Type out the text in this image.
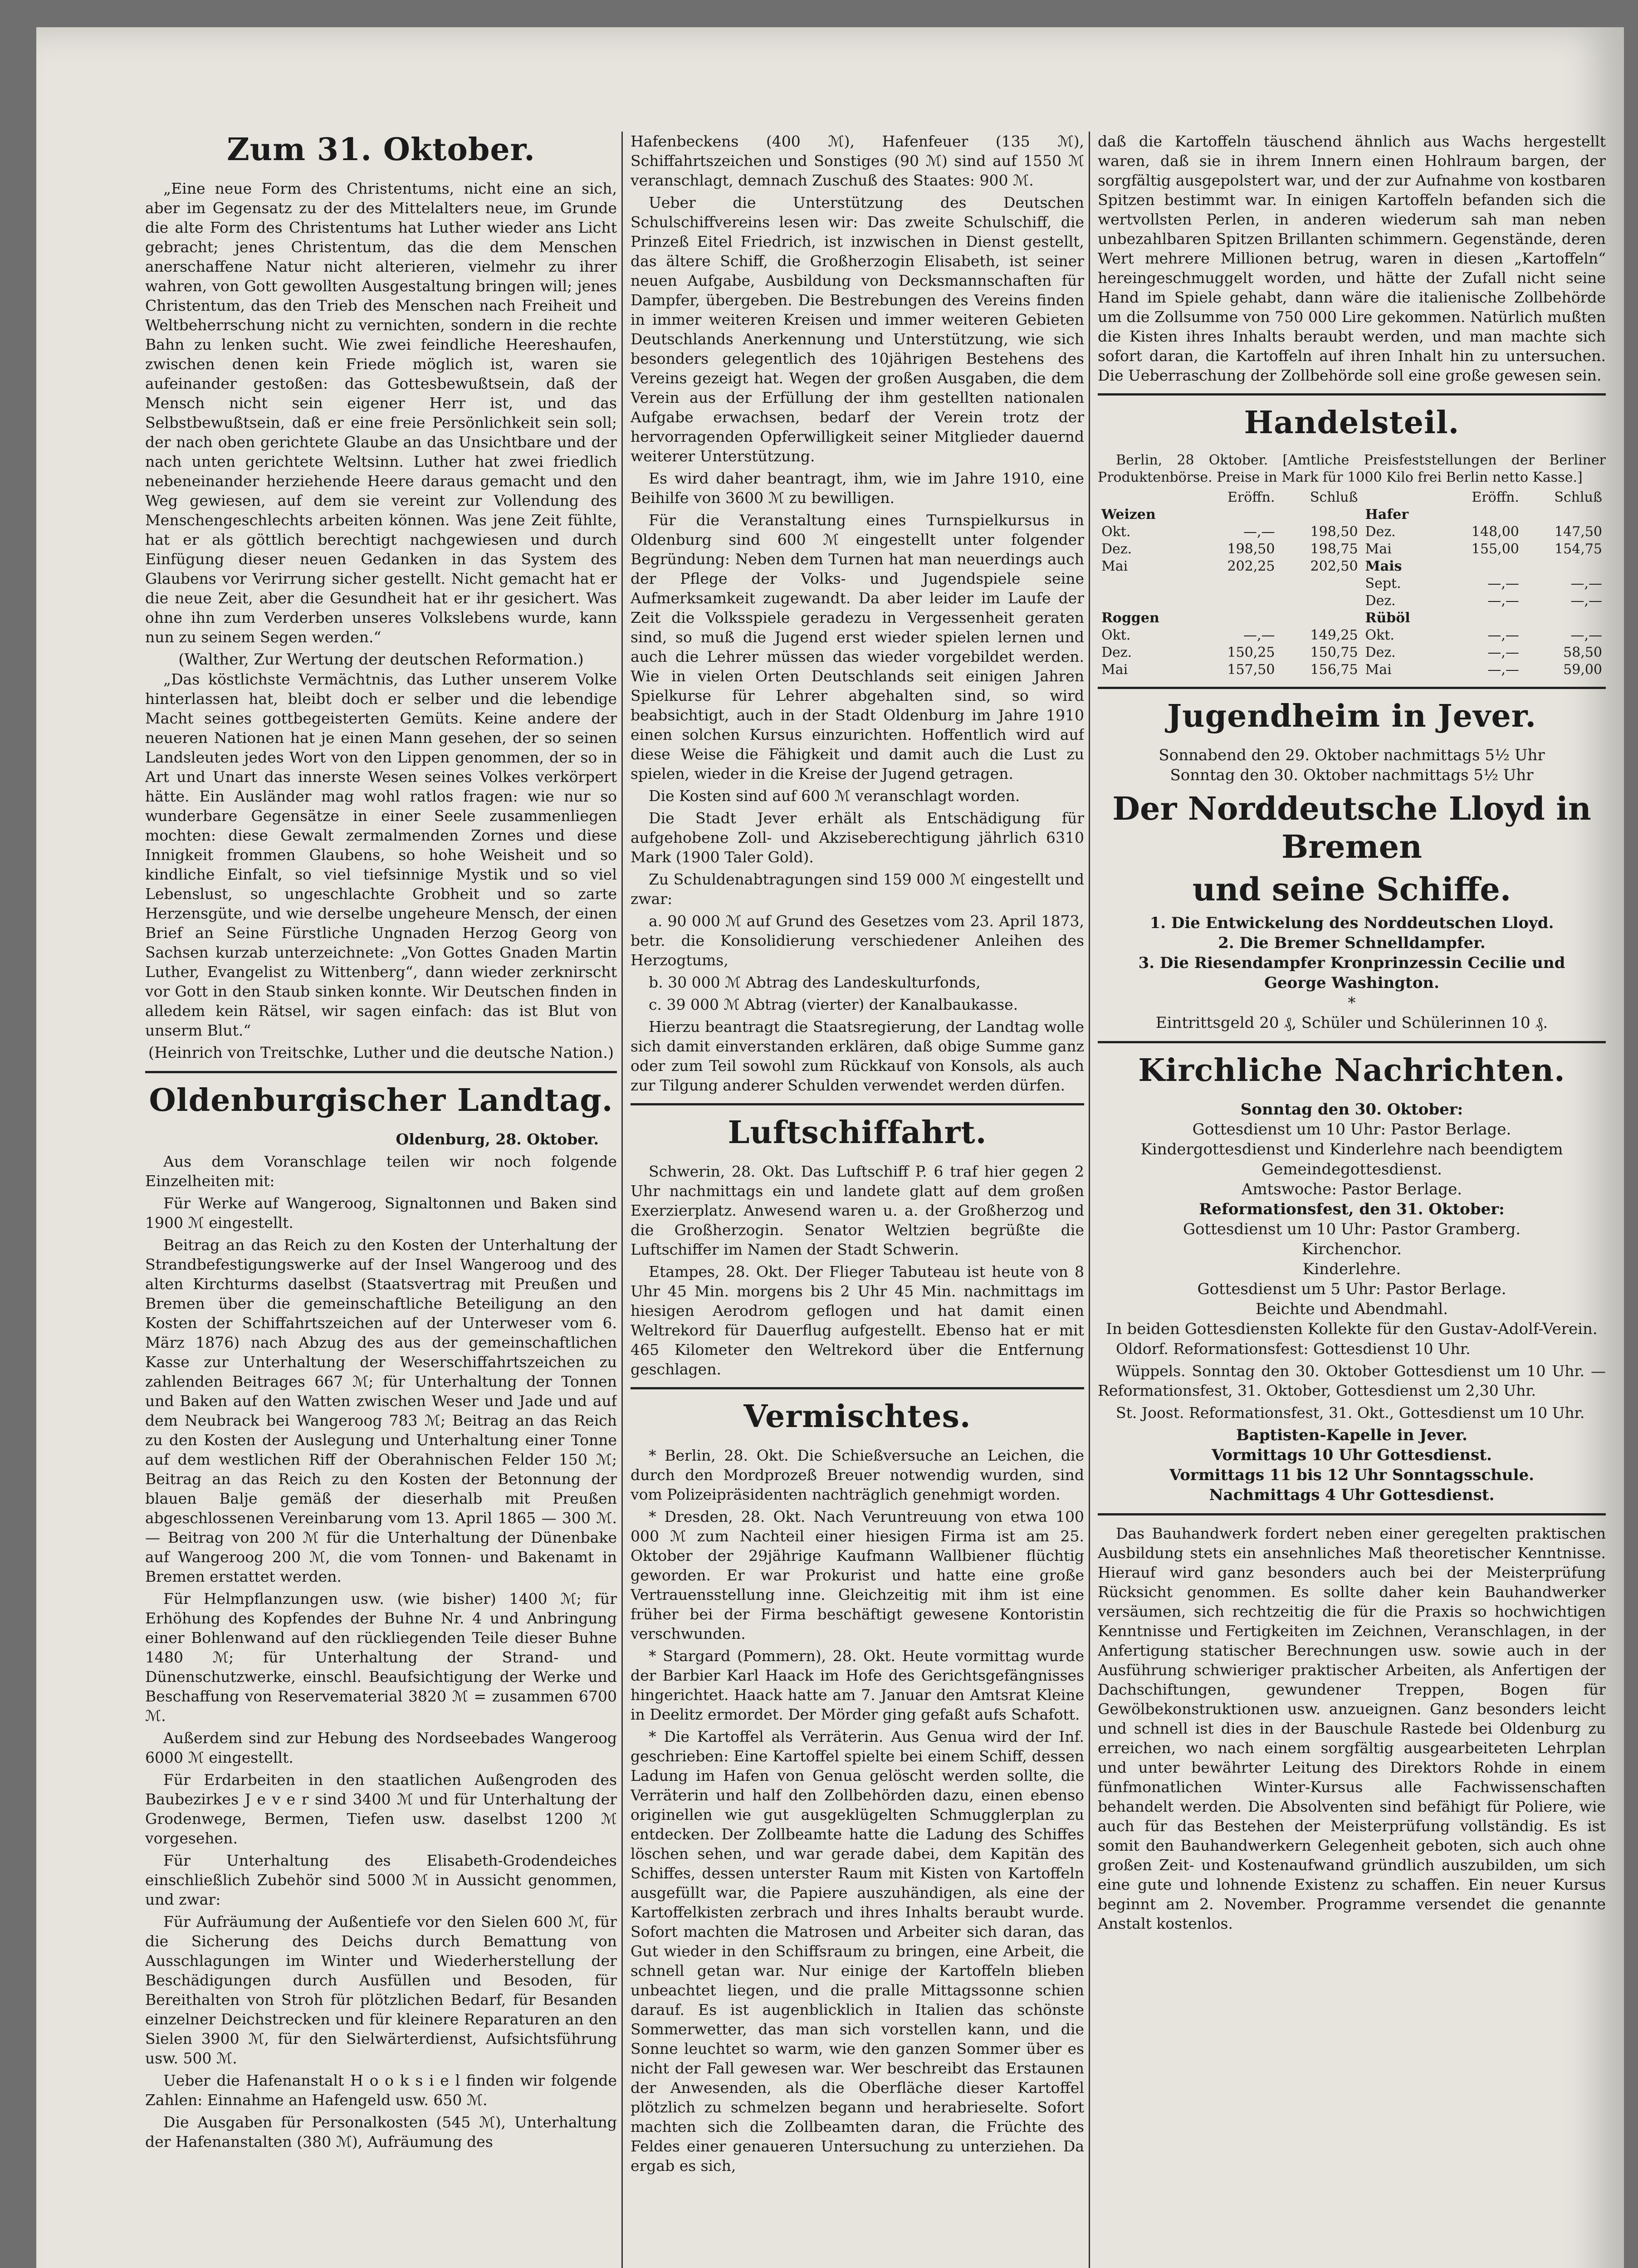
Zum 31. Oktober.

„Eine neue Form des Christentums, nicht eine an sich, aber im Gegensatz zu der des Mittelalters neue, im Grunde die alte Form des Christentums hat Luther wieder ans Licht gebracht; jenes Christentum, das die dem Menschen anerschaffene Natur nicht alterieren, vielmehr zu ihrer wahren, von Gott gewollten Ausgestaltung bringen will; jenes Christentum, das den Trieb des Menschen nach Freiheit und Weltbeherrschung nicht zu vernichten, sondern in die rechte Bahn zu lenken sucht. Wie zwei feindliche Heereshaufen, zwischen denen kein Friede möglich ist, waren sie aufeinander gestoßen: das Gottesbewußtsein, daß der Mensch nicht sein eigener Herr ist, und das Selbstbewußtsein, daß er eine freie Persönlichkeit sein soll; der nach oben gerichtete Glaube an das Unsichtbare und der nach unten gerichtete Weltsinn. Luther hat zwei friedlich nebeneinander herziehende Heere daraus gemacht und den Weg gewiesen, auf dem sie vereint zur Vollendung des Menschengeschlechts arbeiten können. Was jene Zeit fühlte, hat er als göttlich berechtigt nachgewiesen und durch Einfügung dieser neuen Gedanken in das System des Glaubens vor Verirrung sicher gestellt. Nicht gemacht hat er die neue Zeit, aber die Gesundheit hat er ihr gesichert. Was ohne ihn zum Verderben unseres Volkslebens wurde, kann nun zu seinem Segen werden.“

(Walther, Zur Wertung der deutschen Reformation.)

„Das köstlichste Vermächtnis, das Luther unserem Volke hinterlassen hat, bleibt doch er selber und die lebendige Macht seines gottbegeisterten Gemüts. Keine andere der neueren Nationen hat je einen Mann gesehen, der so seinen Landsleuten jedes Wort von den Lippen genommen, der so in Art und Unart das innerste Wesen seines Volkes verkörpert hätte. Ein Ausländer mag wohl ratlos fragen: wie nur so wunderbare Gegensätze in einer Seele zusammenliegen mochten: diese Gewalt zermalmenden Zornes und diese Innigkeit frommen Glaubens, so hohe Weisheit und so kindliche Einfalt, so viel tiefsinnige Mystik und so viel Lebenslust, so ungeschlachte Grobheit und so zarte Herzensgüte, und wie derselbe ungeheure Mensch, der einen Brief an Seine Fürstliche Ungnaden Herzog Georg von Sachsen kurzab unterzeichnete: „Von Gottes Gnaden Martin Luther, Evangelist zu Wittenberg“, dann wieder zerknirscht vor Gott in den Staub sinken konnte. Wir Deutschen finden in alledem kein Rätsel, wir sagen einfach: das ist Blut von unserm Blut.“

(Heinrich von Treitschke, Luther und die deutsche Nation.)

Oldenburgischer Landtag.

Oldenburg, 28. Oktober.

Aus dem Voranschlage teilen wir noch folgende Einzelheiten mit:

Für Werke auf Wangeroog, Signaltonnen und Baken sind 1900 ℳ eingestellt.

Beitrag an das Reich zu den Kosten der Unterhaltung der Strandbefestigungswerke auf der Insel Wangeroog und des alten Kirchturms daselbst (Staatsvertrag mit Preußen und Bremen über die gemeinschaftliche Beteiligung an den Kosten der Schiffahrtszeichen auf der Unterweser vom 6. März 1876) nach Abzug des aus der gemeinschaftlichen Kasse zur Unterhaltung der Weserschiffahrtszeichen zu zahlenden Beitrages 667 ℳ; für Unterhaltung der Tonnen und Baken auf den Watten zwischen Weser und Jade und auf dem Neubrack bei Wangeroog 783 ℳ; Beitrag an das Reich zu den Kosten der Auslegung und Unterhaltung einer Tonne auf dem westlichen Riff der Oberahnischen Felder 150 ℳ; Beitrag an das Reich zu den Kosten der Betonnung der blauen Balje gemäß der dieserhalb mit Preußen abgeschlossenen Vereinbarung vom 13. April 1865 — 300 ℳ. — Beitrag von 200 ℳ für die Unterhaltung der Dünenbake auf Wangeroog 200 ℳ, die vom Tonnen- und Bakenamt in Bremen erstattet werden.

Für Helmpflanzungen usw. (wie bisher) 1400 ℳ; für Erhöhung des Kopfendes der Buhne Nr. 4 und Anbringung einer Bohlenwand auf den rückliegenden Teile dieser Buhne 1480 ℳ; für Unterhaltung der Strand- und Dünenschutzwerke, einschl. Beaufsichtigung der Werke und Beschaffung von Reservematerial 3820 ℳ = zusammen 6700 ℳ.

Außerdem sind zur Hebung des Nordseebades Wangeroog 6000 ℳ eingestellt.

Für Erdarbeiten in den staatlichen Außengroden des Baubezirkes J e v e r sind 3400 ℳ und für Unterhaltung der Grodenwege, Bermen, Tiefen usw. daselbst 1200 ℳ vorgesehen.

Für Unterhaltung des Elisabeth-Grodendeiches einschließlich Zubehör sind 5000 ℳ in Aussicht genommen, und zwar:

Für Aufräumung der Außentiefe vor den Sielen 600 ℳ, für die Sicherung des Deichs durch Bemattung von Ausschlagungen im Winter und Wiederherstellung der Beschädigungen durch Ausfüllen und Besoden, für Bereithalten von Stroh für plötzlichen Bedarf, für Besanden einzelner Deichstrecken und für kleinere Reparaturen an den Sielen 3900 ℳ, für den Sielwärterdienst, Aufsichtsführung usw. 500 ℳ.

Ueber die Hafenanstalt H o o k s i e l finden wir folgende Zahlen: Einnahme an Hafengeld usw. 650 ℳ.

Die Ausgaben für Personalkosten (545 ℳ), Unterhaltung der Hafenanstalten (380 ℳ), Aufräumung des

Hafenbeckens (400 ℳ), Hafenfeuer (135 ℳ), Schiffahrtszeichen und Sonstiges (90 ℳ) sind auf 1550 ℳ veranschlagt, demnach Zuschuß des Staates: 900 ℳ.

Ueber die Unterstützung des Deutschen Schulschiffvereins lesen wir: Das zweite Schulschiff, die Prinzeß Eitel Friedrich, ist inzwischen in Dienst gestellt, das ältere Schiff, die Großherzogin Elisabeth, ist seiner neuen Aufgabe, Ausbildung von Decksmannschaften für Dampfer, übergeben. Die Bestrebungen des Vereins finden in immer weiteren Kreisen und immer weiteren Gebieten Deutschlands Anerkennung und Unterstützung, wie sich besonders gelegentlich des 10jährigen Bestehens des Vereins gezeigt hat. Wegen der großen Ausgaben, die dem Verein aus der Erfüllung der ihm gestellten nationalen Aufgabe erwachsen, bedarf der Verein trotz der hervorragenden Opferwilligkeit seiner Mitglieder dauernd weiterer Unterstützung.

Es wird daher beantragt, ihm, wie im Jahre 1910, eine Beihilfe von 3600 ℳ zu bewilligen.

Für die Veranstaltung eines Turnspielkursus in Oldenburg sind 600 ℳ eingestellt unter folgender Begründung: Neben dem Turnen hat man neuerdings auch der Pflege der Volks- und Jugendspiele seine Aufmerksamkeit zugewandt. Da aber leider im Laufe der Zeit die Volksspiele geradezu in Vergessenheit geraten sind, so muß die Jugend erst wieder spielen lernen und auch die Lehrer müssen das wieder vorgebildet werden. Wie in vielen Orten Deutschlands seit einigen Jahren Spielkurse für Lehrer abgehalten sind, so wird beabsichtigt, auch in der Stadt Oldenburg im Jahre 1910 einen solchen Kursus einzurichten. Hoffentlich wird auf diese Weise die Fähigkeit und damit auch die Lust zu spielen, wieder in die Kreise der Jugend getragen.

Die Kosten sind auf 600 ℳ veranschlagt worden.

Die Stadt Jever erhält als Entschädigung für aufgehobene Zoll- und Akziseberechtigung jährlich 6310 Mark (1900 Taler Gold).

Zu Schuldenabtragungen sind 159 000 ℳ eingestellt und zwar:

a. 90 000 ℳ auf Grund des Gesetzes vom 23. April 1873, betr. die Konsolidierung verschiedener Anleihen des Herzogtums,

b. 30 000 ℳ Abtrag des Landeskulturfonds,

c. 39 000 ℳ Abtrag (vierter) der Kanalbaukasse.

Hierzu beantragt die Staatsregierung, der Landtag wolle sich damit einverstanden erklären, daß obige Summe ganz oder zum Teil sowohl zum Rückkauf von Konsols, als auch zur Tilgung anderer Schulden verwendet werden dürfen.

Luftschiffahrt.

Schwerin, 28. Okt. Das Luftschiff P. 6 traf hier gegen 2 Uhr nachmittags ein und landete glatt auf dem großen Exerzierplatz. Anwesend waren u. a. der Großherzog und die Großherzogin. Senator Weltzien begrüßte die Luftschiffer im Namen der Stadt Schwerin.

Etampes, 28. Okt. Der Flieger Tabuteau ist heute von 8 Uhr 45 Min. morgens bis 2 Uhr 45 Min. nachmittags im hiesigen Aerodrom geflogen und hat damit einen Weltrekord für Dauerflug aufgestellt. Ebenso hat er mit 465 Kilometer den Weltrekord über die Entfernung geschlagen.

Vermischtes.

* Berlin, 28. Okt. Die Schießversuche an Leichen, die durch den Mordprozeß Breuer notwendig wurden, sind vom Polizeipräsidenten nachträglich genehmigt worden.

* Dresden, 28. Okt. Nach Veruntreuung von etwa 100 000 ℳ zum Nachteil einer hiesigen Firma ist am 25. Oktober der 29jährige Kaufmann Wallbiener flüchtig geworden. Er war Prokurist und hatte eine große Vertrauensstellung inne. Gleichzeitig mit ihm ist eine früher bei der Firma beschäftigt gewesene Kontoristin verschwunden.

* Stargard (Pommern), 28. Okt. Heute vormittag wurde der Barbier Karl Haack im Hofe des Gerichtsgefängnisses hingerichtet. Haack hatte am 7. Januar den Amtsrat Kleine in Deelitz ermordet. Der Mörder ging gefaßt aufs Schafott.

* Die Kartoffel als Verräterin. Aus Genua wird der Inf. geschrieben: Eine Kartoffel spielte bei einem Schiff, dessen Ladung im Hafen von Genua gelöscht werden sollte, die Verräterin und half den Zollbehörden dazu, einen ebenso originellen wie gut ausgeklügelten Schmugglerplan zu entdecken. Der Zollbeamte hatte die Ladung des Schiffes löschen sehen, und war gerade dabei, dem Kapitän des Schiffes, dessen unterster Raum mit Kisten von Kartoffeln ausgefüllt war, die Papiere auszuhändigen, als eine der Kartoffelkisten zerbrach und ihres Inhalts beraubt wurde. Sofort machten die Matrosen und Arbeiter sich daran, das Gut wieder in den Schiffsraum zu bringen, eine Arbeit, die schnell getan war. Nur einige der Kartoffeln blieben unbeachtet liegen, und die pralle Mittagssonne schien darauf. Es ist augenblicklich in Italien das schönste Sommerwetter, das man sich vorstellen kann, und die Sonne leuchtet so warm, wie den ganzen Sommer über es nicht der Fall gewesen war. Wer beschreibt das Erstaunen der Anwesenden, als die Oberfläche dieser Kartoffel plötzlich zu schmelzen begann und herabrieselte. Sofort machten sich die Zollbeamten daran, die Früchte des Feldes einer genaueren Untersuchung zu unterziehen. Da ergab es sich,

daß die Kartoffeln täuschend ähnlich aus Wachs hergestellt waren, daß sie in ihrem Innern einen Hohlraum bargen, der sorgfältig ausgepolstert war, und der zur Aufnahme von kostbaren Spitzen bestimmt war. In einigen Kartoffeln befanden sich die wertvollsten Perlen, in anderen wiederum sah man neben unbezahlbaren Spitzen Brillanten schimmern. Gegenstände, deren Wert mehrere Millionen betrug, waren in diesen „Kartoffeln“ hereingeschmuggelt worden, und hätte der Zufall nicht seine Hand im Spiele gehabt, dann wäre die italienische Zollbehörde um die Zollsumme von 750 000 Lire gekommen. Natürlich mußten die Kisten ihres Inhalts beraubt werden, und man machte sich sofort daran, die Kartoffeln auf ihren Inhalt hin zu untersuchen. Die Ueberraschung der Zollbehörde soll eine große gewesen sein.

Handelsteil.

Berlin, 28 Oktober. [Amtliche Preisfeststellungen der Berliner Produktenbörse. Preise in Mark für 1000 Kilo frei Berlin netto Kasse.]

	Eröffn.	Schluß		Eröffn.	Schluß
Weizen			Hafer		
Okt.	—,—	198,50	Dez.	148,00	147,50
Dez.	198,50	198,75	Mai	155,00	154,75
Mai	202,25	202,50	Mais		
			Sept.	—,—	—,—
			Dez.	—,—	—,—
Roggen			Rüböl		
Okt.	—,—	149,25	Okt.	—,—	—,—
Dez.	150,25	150,75	Dez.	—,—	58,50
Mai	157,50	156,75	Mai	—,—	59,00
Jugendheim in Jever.

Sonnabend den 29. Oktober nachmittags 5½ Uhr

Sonntag den 30. Oktober nachmittags 5½ Uhr

Der Norddeutsche Lloyd in Bremen
und seine Schiffe.

1. Die Entwickelung des Norddeutschen Lloyd.

2. Die Bremer Schnelldampfer.

3. Die Riesendampfer Kronprinzessin Cecilie und

George Washington.

*

Eintrittsgeld 20 ₰, Schüler und Schülerinnen 10 ₰.

Kirchliche Nachrichten.

Sonntag den 30. Oktober:

Gottesdienst um 10 Uhr: Pastor Berlage.

Kindergottesdienst und Kinderlehre nach beendigtem Gemeindegottesdienst.

Amtswoche: Pastor Berlage.

Reformationsfest, den 31. Oktober:

Gottesdienst um 10 Uhr: Pastor Gramberg.

Kirchenchor.

Kinderlehre.

Gottesdienst um 5 Uhr: Pastor Berlage.

Beichte und Abendmahl.

In beiden Gottesdiensten Kollekte für den Gustav-Adolf-Verein.

Oldorf. Reformationsfest: Gottesdienst 10 Uhr.

Wüppels. Sonntag den 30. Oktober Gottesdienst um 10 Uhr. — Reformationsfest, 31. Oktober, Gottesdienst um 2,30 Uhr.

St. Joost. Reformationsfest, 31. Okt., Gottesdienst um 10 Uhr.

Baptisten-Kapelle in Jever.

Vormittags 10 Uhr Gottesdienst.

Vormittags 11 bis 12 Uhr Sonntagsschule.

Nachmittags 4 Uhr Gottesdienst.

Das Bauhandwerk fordert neben einer geregelten praktischen Ausbildung stets ein ansehnliches Maß theoretischer Kenntnisse. Hierauf wird ganz besonders auch bei der Meisterprüfung Rücksicht genommen. Es sollte daher kein Bauhandwerker versäumen, sich rechtzeitig die für die Praxis so hochwichtigen Kenntnisse und Fertigkeiten im Zeichnen, Veranschlagen, in der Anfertigung statischer Berechnungen usw. sowie auch in der Ausführung schwieriger praktischer Arbeiten, als Anfertigen der Dachschiftungen, gewundener Treppen, Bogen für Gewölbekonstruktionen usw. anzueignen. Ganz besonders leicht und schnell ist dies in der Bauschule Rastede bei Oldenburg zu erreichen, wo nach einem sorgfältig ausgearbeiteten Lehrplan und unter bewährter Leitung des Direktors Rohde in einem fünfmonatlichen Winter-Kursus alle Fachwissenschaften behandelt werden. Die Absolventen sind befähigt für Poliere, wie auch für das Bestehen der Meisterprüfung vollständig. Es ist somit den Bauhandwerkern Gelegenheit geboten, sich auch ohne großen Zeit- und Kostenaufwand gründlich auszubilden, um sich eine gute und lohnende Existenz zu schaffen. Ein neuer Kursus beginnt am 2. November. Programme versendet die genannte Anstalt kostenlos.
